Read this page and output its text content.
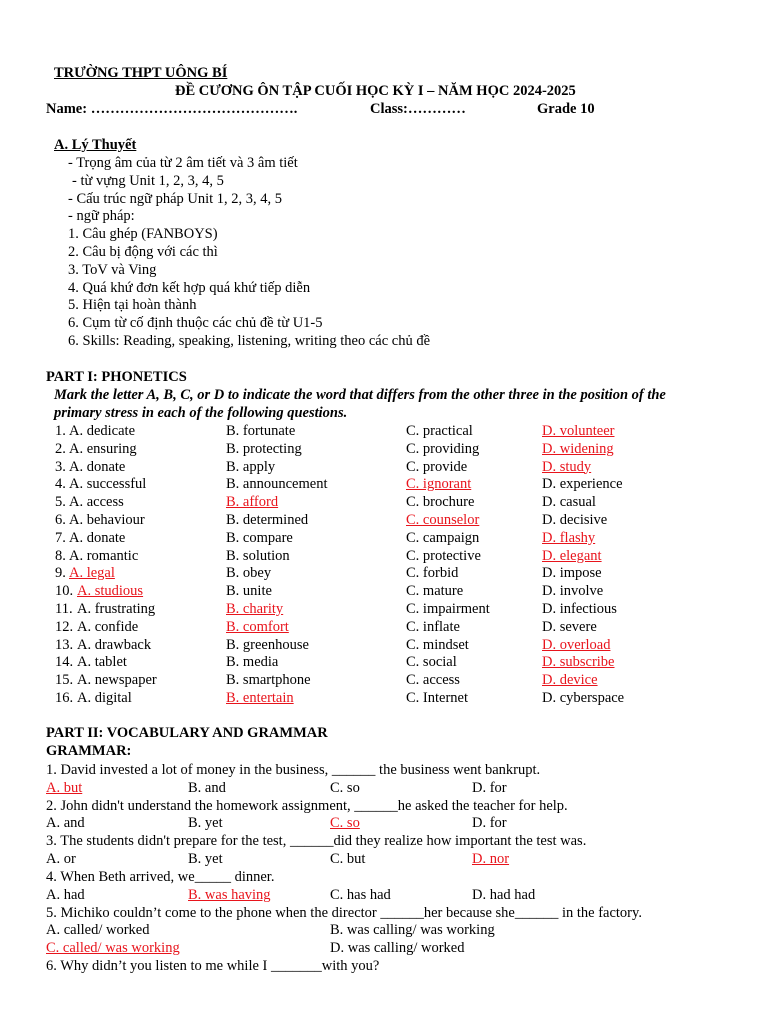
TRƯỜNG THPT UÔNG BÍ
ĐỀ CƯƠNG ÔN TẬP CUỐI HỌC KỲ I – NĂM HỌC 2024-2025
Name: …………………………………….	Class:…………	Grade 10
A. Lý Thuyết
- Trọng âm của từ 2 âm tiết và 3 âm tiết
- từ vựng Unit 1, 2, 3, 4, 5
- Cấu trúc ngữ pháp Unit 1, 2, 3, 4, 5
- ngữ pháp:
1. Câu ghép (FANBOYS)
2. Câu bị động với các thì
3. ToV và Ving
4. Quá khứ đơn kết hợp quá khứ tiếp diễn
5. Hiện tại hoàn thành
6. Cụm từ cố định thuộc các chủ đề từ U1-5
6. Skills: Reading, speaking, listening, writing theo các chủ đề
PART I: PHONETICS
Mark the letter A, B, C, or D to indicate the word that differs from the other three in the position of the
primary stress in each of the following questions.
1. A. dedicate	B. fortunate	C. practical	D. volunteer
2. A. ensuring	B. protecting	C. providing	D. widening
3. A. donate	B. apply	C. provide	D. study
4. A. successful	B. announcement	C. ignorant	D. experience
5. A. access	B. afford	C. brochure	D. casual
6. A. behaviour	B. determined	C. counselor	D. decisive
7. A. donate	B. compare	C. campaign	D. flashy
8. A. romantic	B. solution	C. protective	D. elegant
9. A. legal	B. obey	C. forbid	D. impose
10. A. studious	B. unite	C. mature	D. involve
11. A. frustrating	B. charity	C. impairment	D. infectious
12. A. confide	B. comfort	C. inflate	D. severe
13. A. drawback	B. greenhouse	C. mindset	D. overload
14. A. tablet	B. media	C. social	D. subscribe
15. A. newspaper	B. smartphone	C. access	D. device
16. A. digital	B. entertain	C. Internet	D. cyberspace
PART II: VOCABULARY AND GRAMMAR
GRAMMAR:
1. David invested a lot of money in the business, ______ the business went bankrupt.
A. but	B. and	C. so	D. for
2. John didn't understand the homework assignment, ______he asked the teacher for help.
A. and	B. yet	C. so	D. for
3. The students didn't prepare for the test, ______did they realize how important the test was.
A. or	B. yet	C. but	D. nor
4. When Beth arrived, we_____ dinner.
A. had	B. was having	C. has had	D. had had
5. Michiko couldn’t come to the phone when the director ______her because she______ in the factory.
A. called/ worked	B. was calling/ was working
C. called/ was working	D. was calling/ worked
6. Why didn’t you listen to me while I _______with you?
